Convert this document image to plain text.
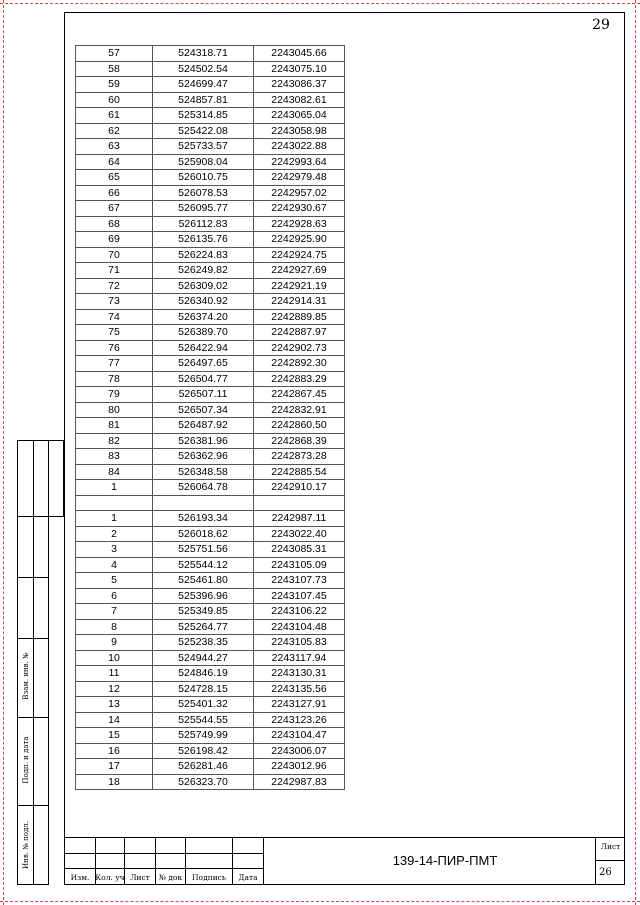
29
57	524318.71	2243045.66
58	524502.54	2243075.10
59	524699.47	2243086.37
60	524857.81	2243082.61
61	525314.85	2243065.04
62	525422.08	2243058.98
63	525733.57	2243022.88
64	525908.04	2242993.64
65	526010.75	2242979.48
66	526078.53	2242957.02
67	526095.77	2242930.67
68	526112.83	2242928.63
69	526135.76	2242925.90
70	526224.83	2242924.75
71	526249.82	2242927.69
72	526309.02	2242921.19
73	526340.92	2242914.31
74	526374.20	2242889.85
75	526389.70	2242887.97
76	526422.94	2242902.73
77	526497.65	2242892.30
78	526504.77	2242883.29
79	526507.11	2242867.45
80	526507.34	2242832.91
81	526487.92	2242860.50
82	526381.96	2242868.39
83	526362.96	2242873.28
84	526348.58	2242885.54
1	526064.78	2242910.17

1	526193.34	2242987.11
2	526018.62	2243022.40
3	525751.56	2243085.31
4	525544.12	2243105.09
5	525461.80	2243107.73
6	525396.96	2243107.45
7	525349.85	2243106.22
8	525264.77	2243104.48
9	525238.35	2243105.83
10	524944.27	2243117.94
11	524846.19	2243130.31
12	524728.15	2243135.56
13	525401.32	2243127.91
14	525544.55	2243123.26
15	525749.99	2243104.47
16	526198.42	2243006.07
17	526281.46	2243012.96
18	526323.70	2242987.83
Взам. инв. №
Подп. и дата
Инв. № подл.
Изм. Кол. уч Лист	№ док	Подпись	Дата
139-14-ПИР-ПМТ
Лист
26
